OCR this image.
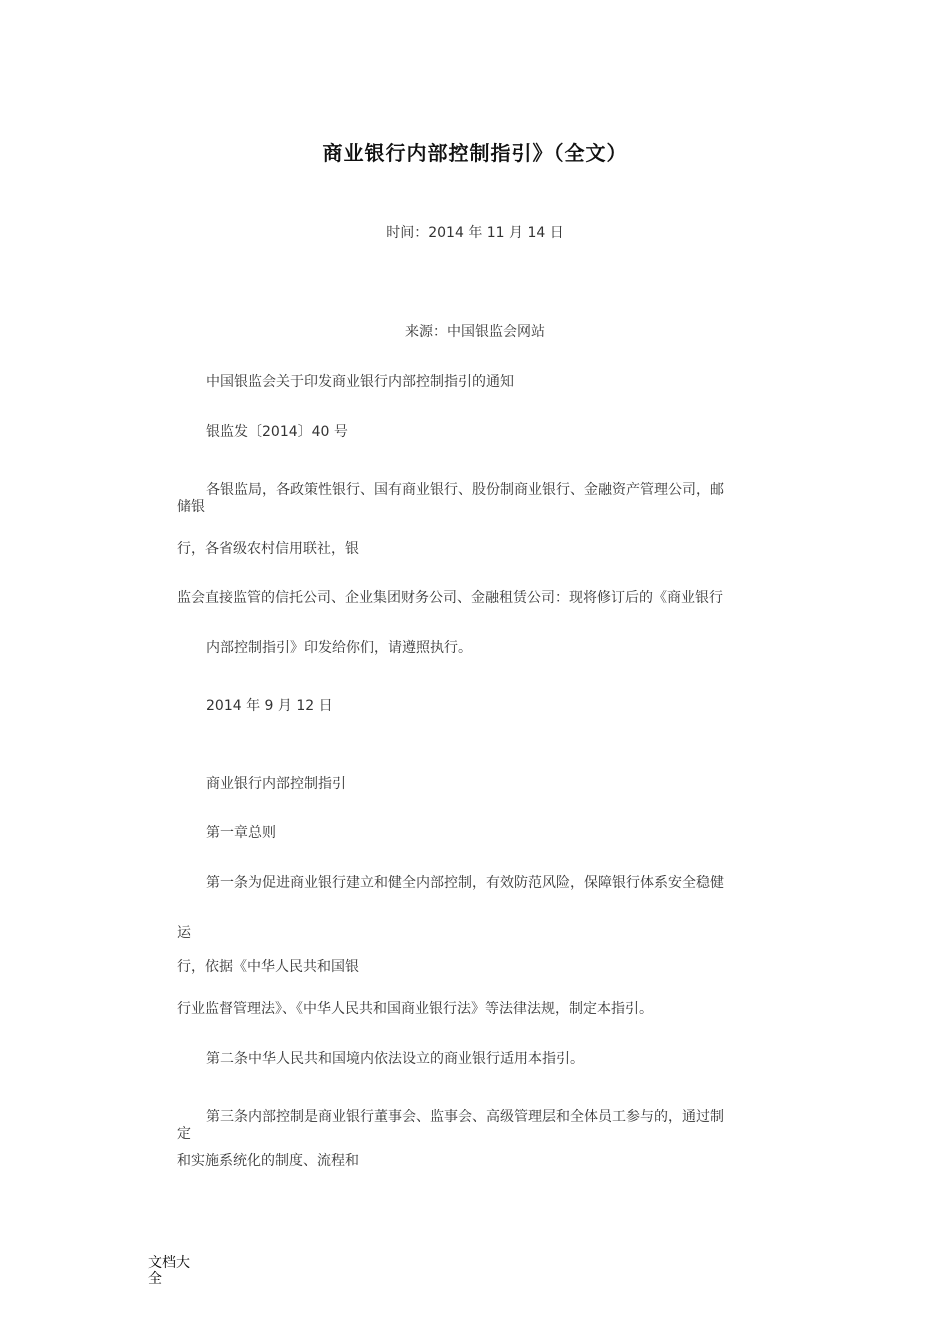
商业银行内部控制指引》（全文）
时间：2014 年 11 月 14 日
来源：中国银监会网站
中国银监会关于印发商业银行内部控制指引的通知
银监发〔2014〕40 号
各银监局，各政策性银行、国有商业银行、股份制商业银行、金融资产管理公司，邮
储银
行，各省级农村信用联社，银
监会直接监管的信托公司、企业集团财务公司、金融租赁公司：现将修订后的《商业银行
内部控制指引》印发给你们，请遵照执行。
2014 年 9 月 12 日
商业银行内部控制指引
第一章总则
第一条为促进商业银行建立和健全内部控制，有效防范风险，保障银行体系安全稳健
运
行，依据《中华人民共和国银
行业监督管理法》、《中华人民共和国商业银行法》等法律法规，制定本指引。
第二条中华人民共和国境内依法设立的商业银行适用本指引。
第三条内部控制是商业银行董事会、监事会、高级管理层和全体员工参与的，通过制
定
和实施系统化的制度、流程和
文档大全
